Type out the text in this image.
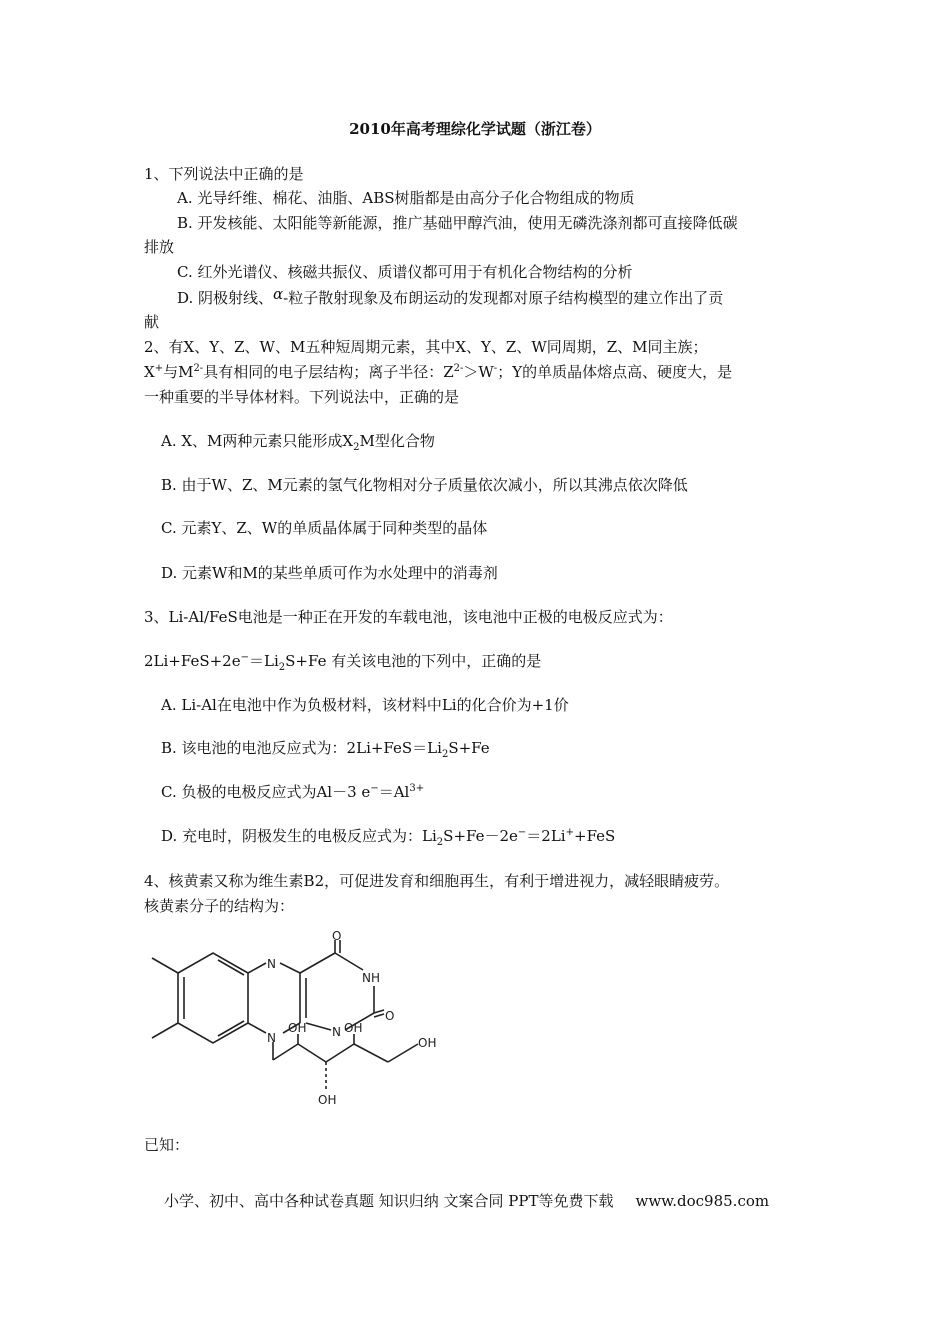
2010年高考理综化学试题（浙江卷）
1、下列说法中正确的是
A. 光导纤维、棉花、油脂、ABS树脂都是由高分子化合物组成的物质
B. 开发核能、太阳能等新能源，推广基础甲醇汽油，使用无磷洗涤剂都可直接降低碳
排放
C. 红外光谱仪、核磁共振仪、质谱仪都可用于有机化合物结构的分析
D. 阴极射线、α-粒子散射现象及布朗运动的发现都对原子结构模型的建立作出了贡
献
2、有X、Y、Z、W、M五种短周期元素，其中X、Y、Z、W同周期，Z、M同主族；
X+与$M^{2-}$具有相同的电子层结构；离子半径：$Z^{2-}>W^-$；Y的单质晶体熔点高、硬度大，是
一种重要的半导体材料。下列说法中，正确的是
A. X、M两种元素只能形成$X_2M$型化合物
B. 由于W、Z、M元素的氢气化物相对分子质量依次减小，所以其沸点依次降低
C. 元素Y、Z、W的单质晶体属于同种类型的晶体
D. 元素W和M的某些单质可作为水处理中的消毒剂
3、Li-Al/FeS电池是一种正在开发的车载电池，该电池中正极的电极反应式为：
$2Li+FeS+2e^-=Li_2S+Fe$ 有关该电池的下列中，正确的是
A. Li-Al在电池中作为负极材料，该材料中Li的化合价为+1价
B. 该电池的电池反应式为：$2Li+FeS=Li_2S+Fe$
C. 负极的电极反应式为Al－3 $e^-=Al^{3+}$
D. 充电时，阴极发生的电极反应式为：$Li_2S+Fe-2e^-=2Li^++FeS$
4、核黄素又称为维生素B2，可促进发育和细胞再生，有利于增进视力，减轻眼睛疲劳。
核黄素分子的结构为：
N
O
NH
N
O
N
OH	OH
OH
OH
已知：
小学、初中、高中各种试卷真题 知识归纳 文案合同 PPT等免费下载 www.doc985.com
